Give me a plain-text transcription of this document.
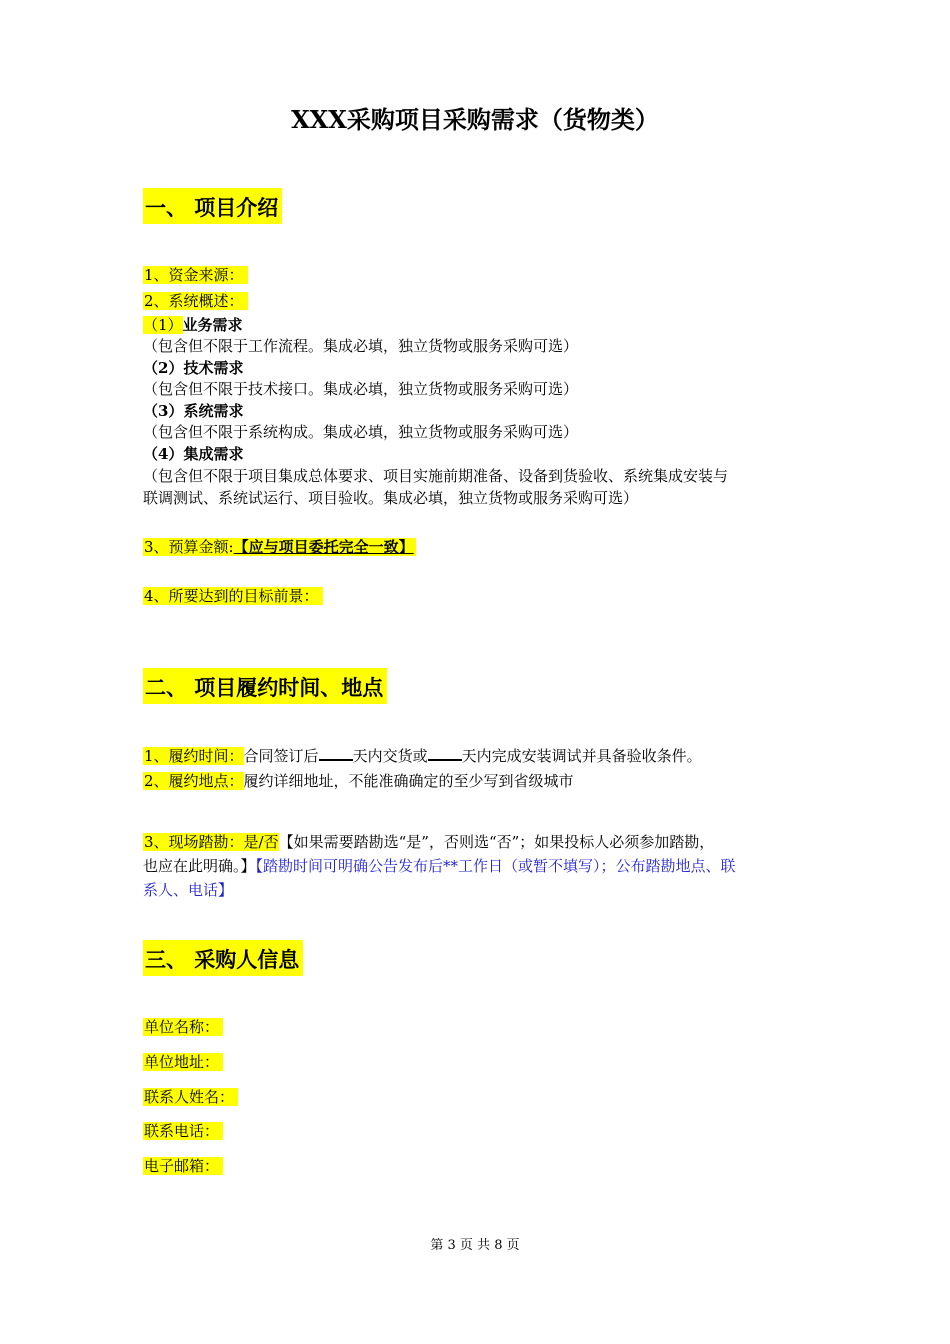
XXX采购项目采购需求（货物类）
一、 项目介绍
1、资金来源：
2、系统概述：
（1）业务需求
（包含但不限于工作流程。集成必填，独立货物或服务采购可选）
（2）技术需求
（包含但不限于技术接口。集成必填，独立货物或服务采购可选）
（3）系统需求
（包含但不限于系统构成。集成必填，独立货物或服务采购可选）
（4）集成需求
（包含但不限于项目集成总体要求、项目实施前期准备、设备到货验收、系统集成安装与
联调测试、系统试运行、项目验收。集成必填，独立货物或服务采购可选）
3、预算金额:【应与项目委托完全一致】
4、所要达到的目标前景：
二、 项目履约时间、地点
1、履约时间：合同签订后 天内交货或 天内完成安装调试并具备验收条件。
2、履约地点：履约详细地址，不能准确确定的至少写到省级城市
3、现场踏勘：是/否【如果需要踏勘选“是”，否则选“否”；如果投标人必须参加踏勘，
也应在此明确。】【踏勘时间可明确公告发布后**工作日（或暂不填写）；公布踏勘地点、联
系人、电话】
三、 采购人信息
单位名称：
单位地址：
联系人姓名：
联系电话：
电子邮箱：
第 3 页 共 8 页
